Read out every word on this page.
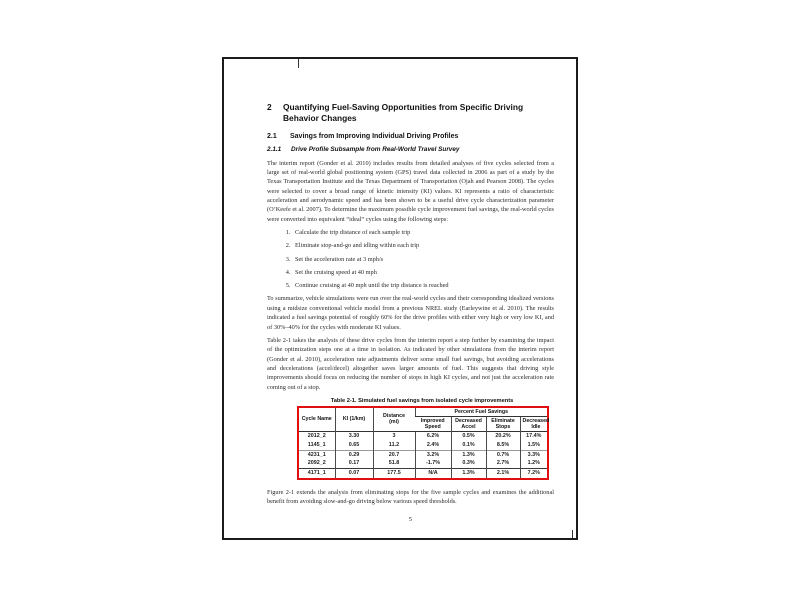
2	Quantifying Fuel-Saving Opportunities from Specific Driving Behavior Changes
2.1	Savings from Improving Individual Driving Profiles
2.1.1	Drive Profile Subsample from Real-World Travel Survey

The interim report (Gonder et al. 2010) includes results from detailed analyses of five cycles selected from a large set of real-world global positioning system (GPS) travel data collected in 2006 as part of a study by the Texas Transportation Institute and the Texas Department of Transportation (Ojah and Pearson 2008). The cycles were selected to cover a broad range of kinetic intensity (KI) values. KI represents a ratio of characteristic acceleration and aerodynamic speed and has been shown to be a useful drive cycle characterization parameter (O’Keefe et al. 2007). To determine the maximum possible cycle improvement fuel savings, the real-world cycles were converted into equivalent “ideal” cycles using the following steps:

1. Calculate the trip distance of each sample trip
2. Eliminate stop-and-go and idling within each trip
3. Set the acceleration rate at 3 mph/s
4. Set the cruising speed at 40 mph
5. Continue cruising at 40 mph until the trip distance is reached

To summarize, vehicle simulations were run over the real-world cycles and their corresponding idealized versions using a midsize conventional vehicle model from a previous NREL study (Earleywine et al. 2010). The results indicated a fuel savings potential of roughly 60% for the drive profiles with either very high or very low KI, and of 30%–40% for the cycles with moderate KI values.

Table 2-1 takes the analysis of these drive cycles from the interim report a step further by examining the impact of the optimization steps one at a time in isolation. As indicated by other simulations from the interim report (Gonder et al. 2010), acceleration rate adjustments deliver some small fuel savings, but avoiding accelerations and decelerations (accel/decel) altogether saves larger amounts of fuel. This suggests that driving style improvements should focus on reducing the number of stops in high KI cycles, and not just the acceleration rate coming out of a stop.

Table 2-1. Simulated fuel savings from isolated cycle improvements
Cycle Name	KI (1/km)	Distance (mi)	Percent Fuel Savings			
			Improved Speed	Decreased Accel	Eliminate Stops	Decreased Idle
2012_2	3.30	3	6.2%	0.5%	20.2%	17.4%
1145_1	0.65	11.2	2.4%	0.1%	8.5%	1.5%
4231_1	0.29	20.7	3.2%	1.3%	0.7%	3.3%
2092_2	0.17	51.8	-1.7%	0.3%	2.7%	1.2%
4171_1	0.07	177.5	N/A	1.3%	2.1%	7.2%

Figure 2-1 extends the analysis from eliminating stops for the five sample cycles and examines the additional benefit from avoiding slow-and-go driving below various speed thresholds.

5
